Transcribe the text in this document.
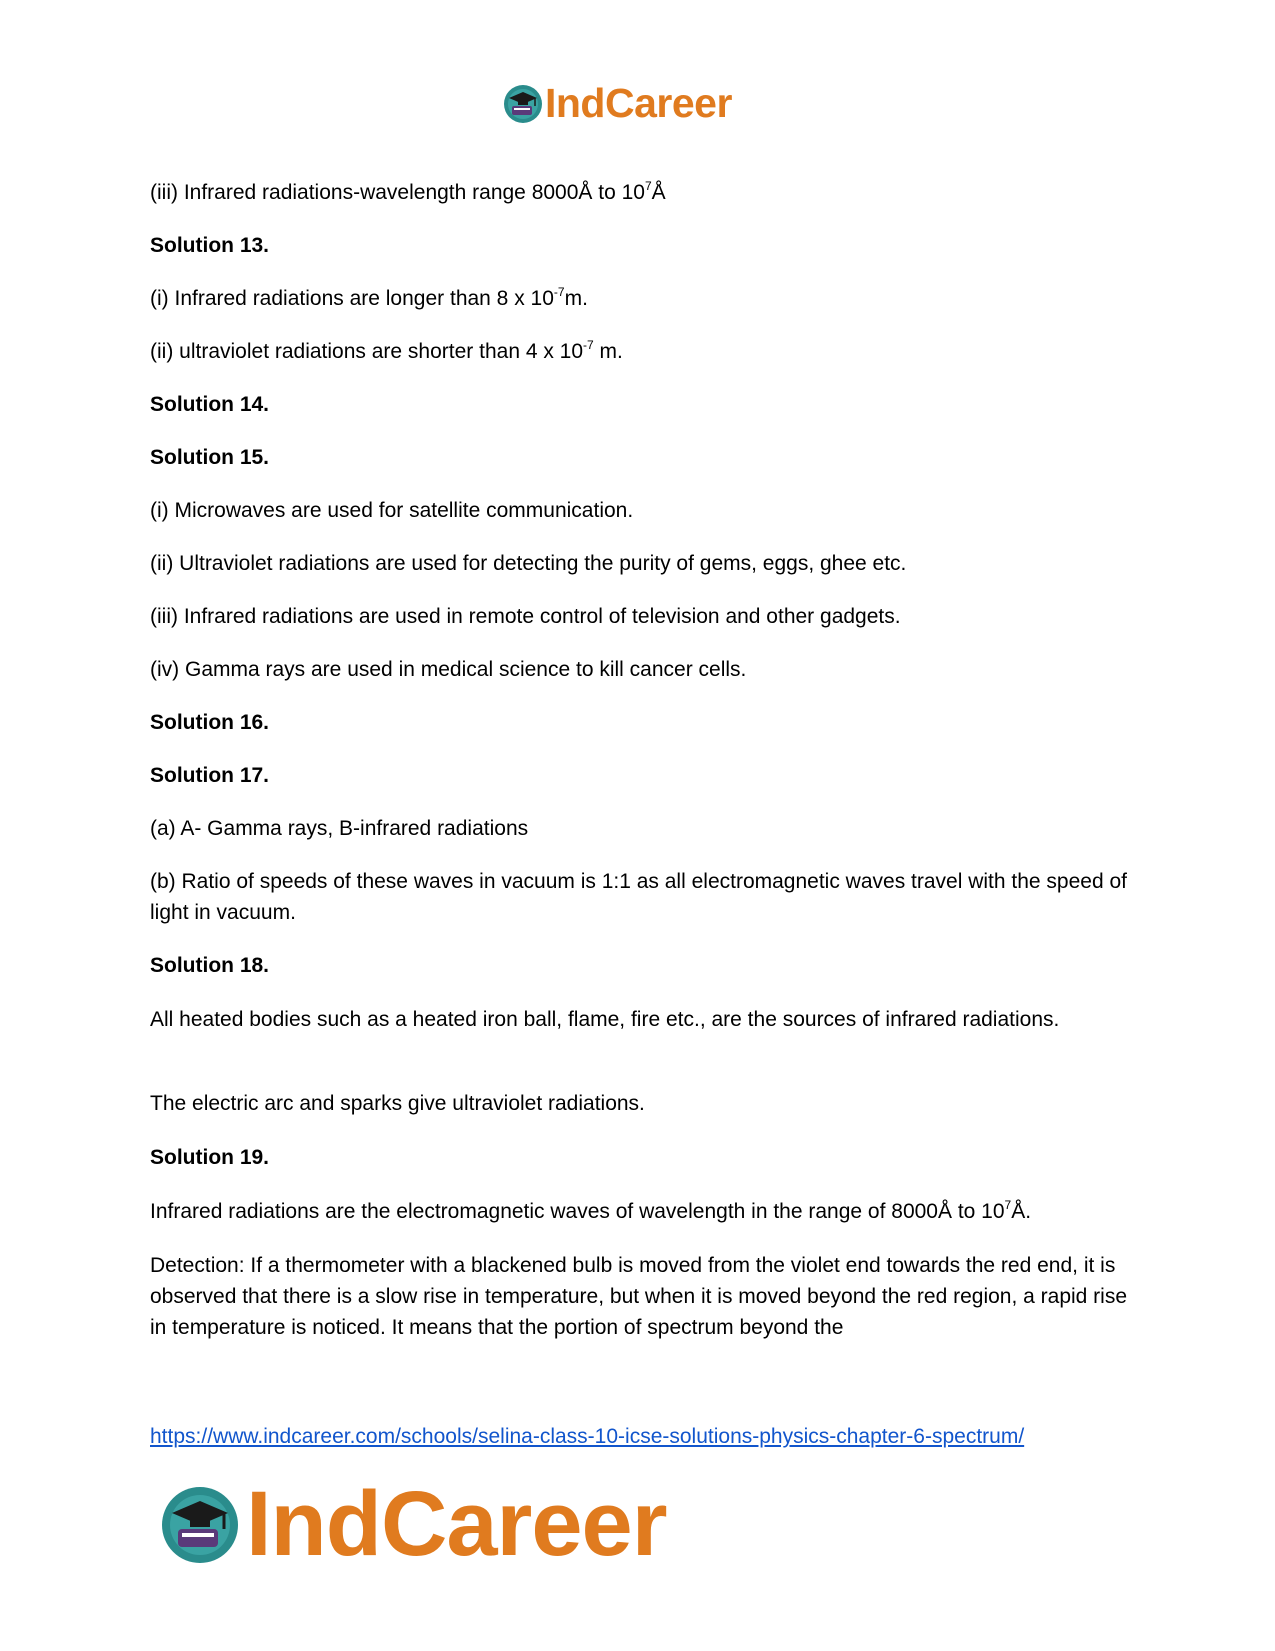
IndCareer

(iii) Infrared radiations-wavelength range 8000Å to $10^7Å$

Solution 13.

(i) Infrared radiations are longer than 8 x $10^{-7}m$.

(ii) ultraviolet radiations are shorter than 4 x $10^{-7}$ m.

Solution 14.

Solution 15.

(i) Microwaves are used for satellite communication.

(ii) Ultraviolet radiations are used for detecting the purity of gems, eggs, ghee etc.

(iii) Infrared radiations are used in remote control of television and other gadgets.

(iv) Gamma rays are used in medical science to kill cancer cells.

Solution 16.

Solution 17.

(a) A- Gamma rays, B-infrared radiations

(b) Ratio of speeds of these waves in vacuum is 1:1 as all electromagnetic waves travel with the speed of light in vacuum.

Solution 18.

All heated bodies such as a heated iron ball, flame, fire etc., are the sources of infrared radiations.

The electric arc and sparks give ultraviolet radiations.

Solution 19.

Infrared radiations are the electromagnetic waves of wavelength in the range of 8000Å to $10^7Å$.

Detection: If a thermometer with a blackened bulb is moved from the violet end towards the red end, it is observed that there is a slow rise in temperature, but when it is moved beyond the red region, a rapid rise in temperature is noticed. It means that the portion of spectrum beyond the

https://www.indcareer.com/schools/selina-class-10-icse-solutions-physics-chapter-6-spectrum/
IndCareer
